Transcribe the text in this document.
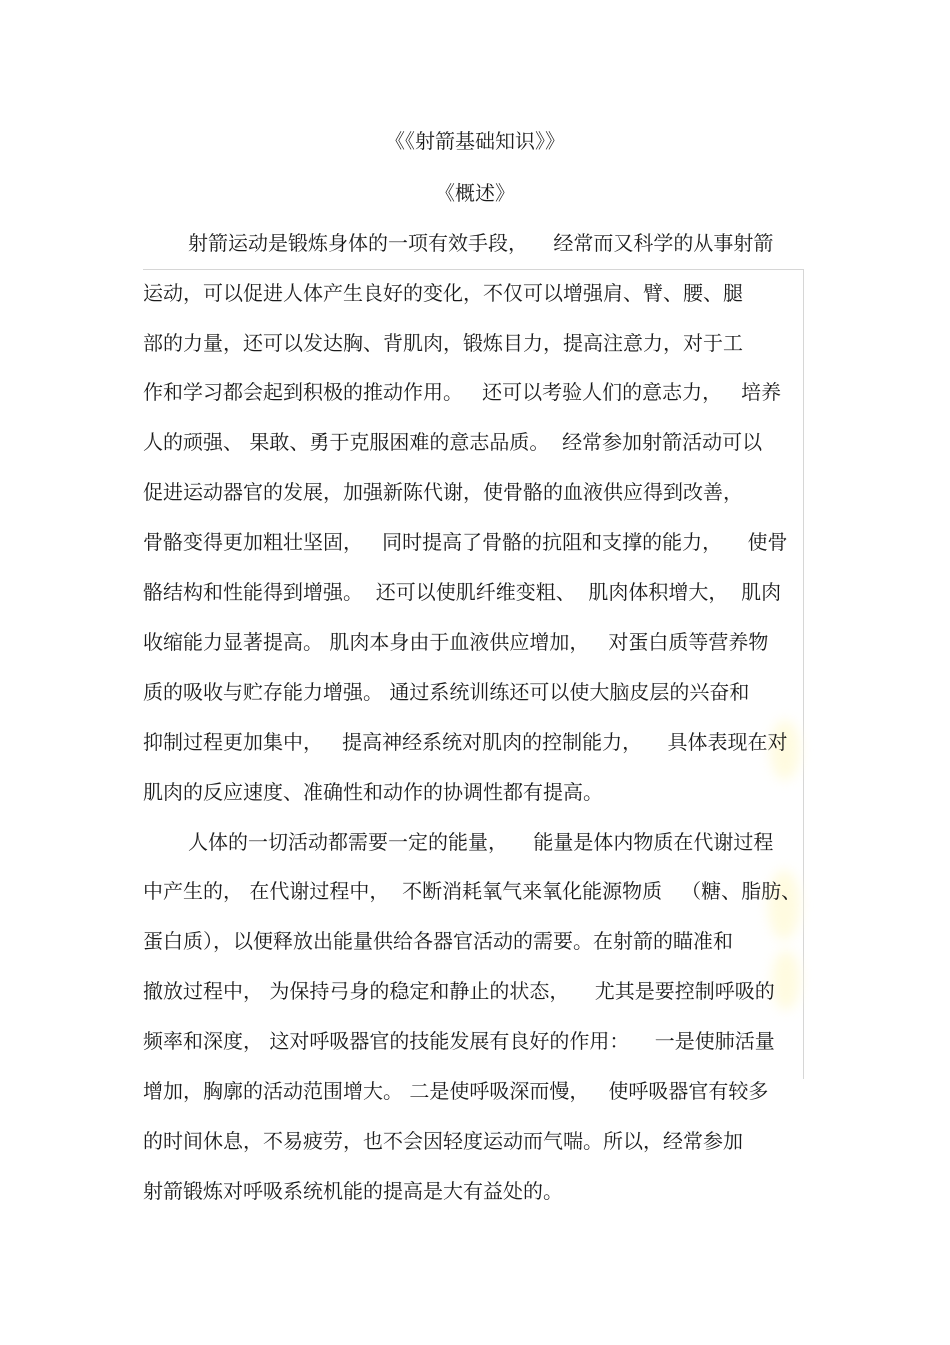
《《射箭基础知识》》
《概述》
射箭运动是锻炼身体的一项有效手段，    经常而又科学的从事射箭
运动，可以促进人体产生良好的变化，不仅可以增强肩、臂、腰、腿
部的力量，还可以发达胸、背肌肉，锻炼目力，提高注意力，对于工
作和学习都会起到积极的推动作用。   还可以考验人们的意志力，   培养
人的顽强、 果敢、勇于克服困难的意志品质。  经常参加射箭活动可以
促进运动器官的发展，加强新陈代谢，使骨骼的血液供应得到改善，
骨骼变得更加粗壮坚固，   同时提高了骨骼的抗阻和支撑的能力，    使骨
骼结构和性能得到增强。  还可以使肌纤维变粗、  肌肉体积增大，  肌肉
收缩能力显著提高。 肌肉本身由于血液供应增加，   对蛋白质等营养物
质的吸收与贮存能力增强。 通过系统训练还可以使大脑皮层的兴奋和
抑制过程更加集中，   提高神经系统对肌肉的控制能力，    具体表现在对
肌肉的反应速度、准确性和动作的协调性都有提高。
人体的一切活动都需要一定的能量，    能量是体内物质在代谢过程
中产生的， 在代谢过程中，  不断消耗氧气来氧化能源物质   （糖、脂肪、
蛋白质），以便释放出能量供给各器官活动的需要。在射箭的瞄准和
撤放过程中， 为保持弓身的稳定和静止的状态，    尤其是要控制呼吸的
频率和深度， 这对呼吸器官的技能发展有良好的作用：    一是使肺活量
增加，胸廓的活动范围增大。 二是使呼吸深而慢，   使呼吸器官有较多
的时间休息，不易疲劳，也不会因轻度运动而气喘。所以，经常参加
射箭锻炼对呼吸系统机能的提高是大有益处的。
